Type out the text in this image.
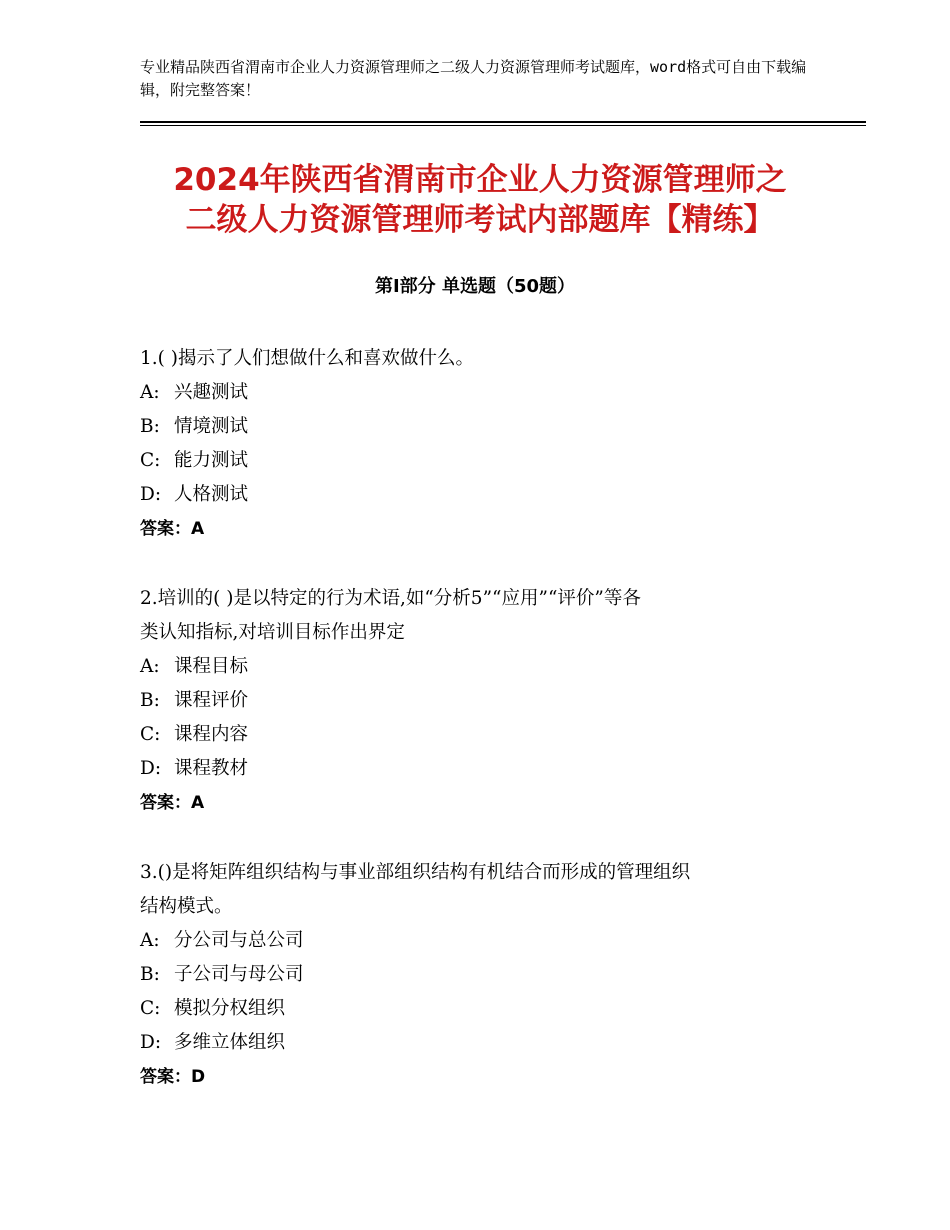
专业精品陕西省渭南市企业人力资源管理师之二级人力资源管理师考试题库，word格式可自由下载编辑，附完整答案！
2024年陕西省渭南市企业人力资源管理师之
二级人力资源管理师考试内部题库【精练】
第Ⅰ部分 单选题（50题）

1.( )揭示了人们想做什么和喜欢做什么。

A: 兴趣测试

B: 情境测试

C: 能力测试

D: 人格测试

答案：A

2.培训的( )是以特定的行为术语,如“分析5”“应用”“评价”等各

类认知指标,对培训目标作出界定

A: 课程目标

B: 课程评价

C: 课程内容

D: 课程教材

答案：A

3.()是将矩阵组织结构与事业部组织结构有机结合而形成的管理组织

结构模式。

A: 分公司与总公司

B: 子公司与母公司

C: 模拟分权组织

D: 多维立体组织

答案：D
